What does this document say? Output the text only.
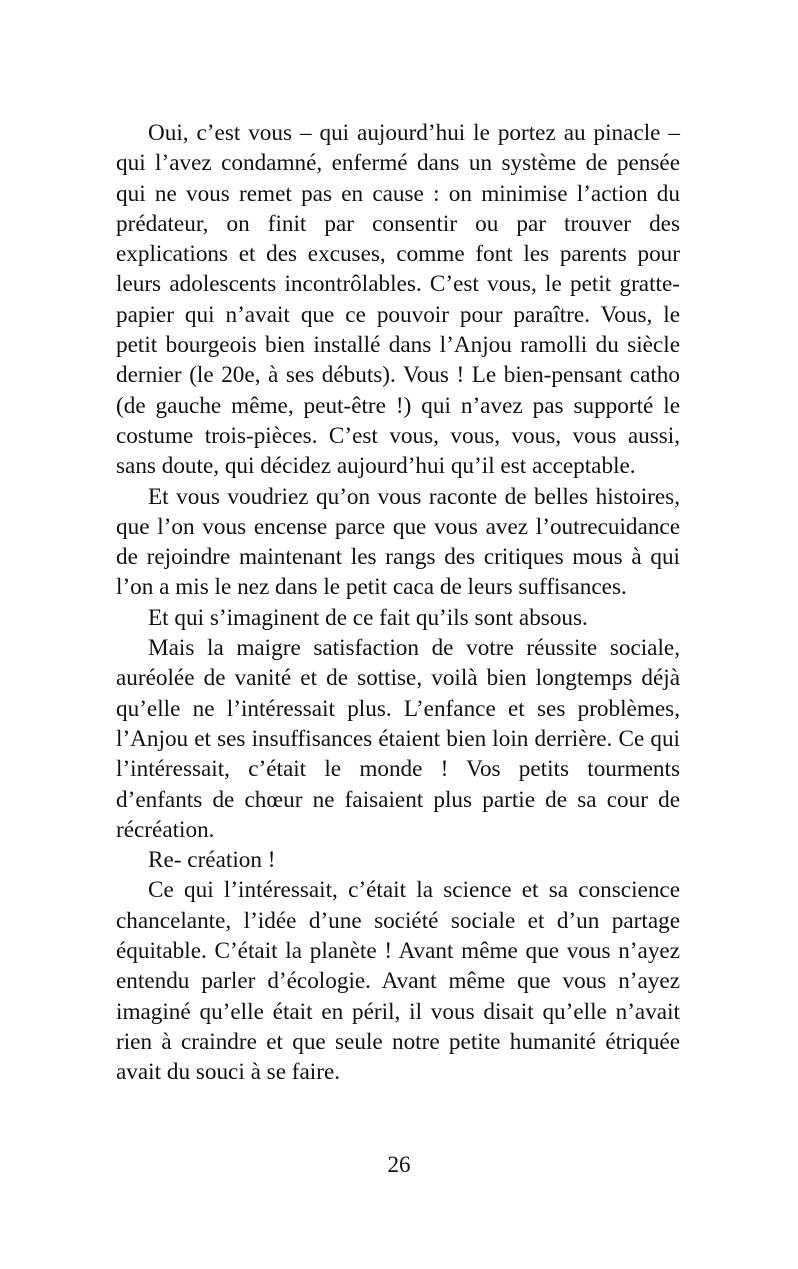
Oui, c’est vous – qui aujourd’hui le portez au pinacle – qui l’avez condamné, enfermé dans un système de pensée qui ne vous remet pas en cause : on minimise l’action du prédateur, on finit par consentir ou par trouver des explications et des excuses, comme font les parents pour leurs adolescents incontrôlables. C’est vous, le petit gratte-papier qui n’avait que ce pouvoir pour paraître. Vous, le petit bourgeois bien installé dans l’Anjou ramolli du siècle dernier (le 20e, à ses débuts). Vous ! Le bien-pensant catho (de gauche même, peut-être !) qui n’avez pas supporté le costume trois-pièces. C’est vous, vous, vous, vous aussi, sans doute, qui décidez aujourd’hui qu’il est acceptable.

Et vous voudriez qu’on vous raconte de belles histoires, que l’on vous encense parce que vous avez l’outrecuidance de rejoindre maintenant les rangs des critiques mous à qui l’on a mis le nez dans le petit caca de leurs suffisances.

Et qui s’imaginent de ce fait qu’ils sont absous.

Mais la maigre satisfaction de votre réussite sociale, auréolée de vanité et de sottise, voilà bien longtemps déjà qu’elle ne l’intéressait plus. L’enfance et ses problèmes, l’Anjou et ses insuffisances étaient bien loin derrière. Ce qui l’intéressait, c’était le monde ! Vos petits tourments d’enfants de chœur ne faisaient plus partie de sa cour de récréation.

Re- création !

Ce qui l’intéressait, c’était la science et sa conscience chancelante, l’idée d’une société sociale et d’un partage équitable. C’était la planète ! Avant même que vous n’ayez entendu parler d’écologie. Avant même que vous n’ayez imaginé qu’elle était en péril, il vous disait qu’elle n’avait rien à craindre et que seule notre petite humanité étriquée avait du souci à se faire.

26
